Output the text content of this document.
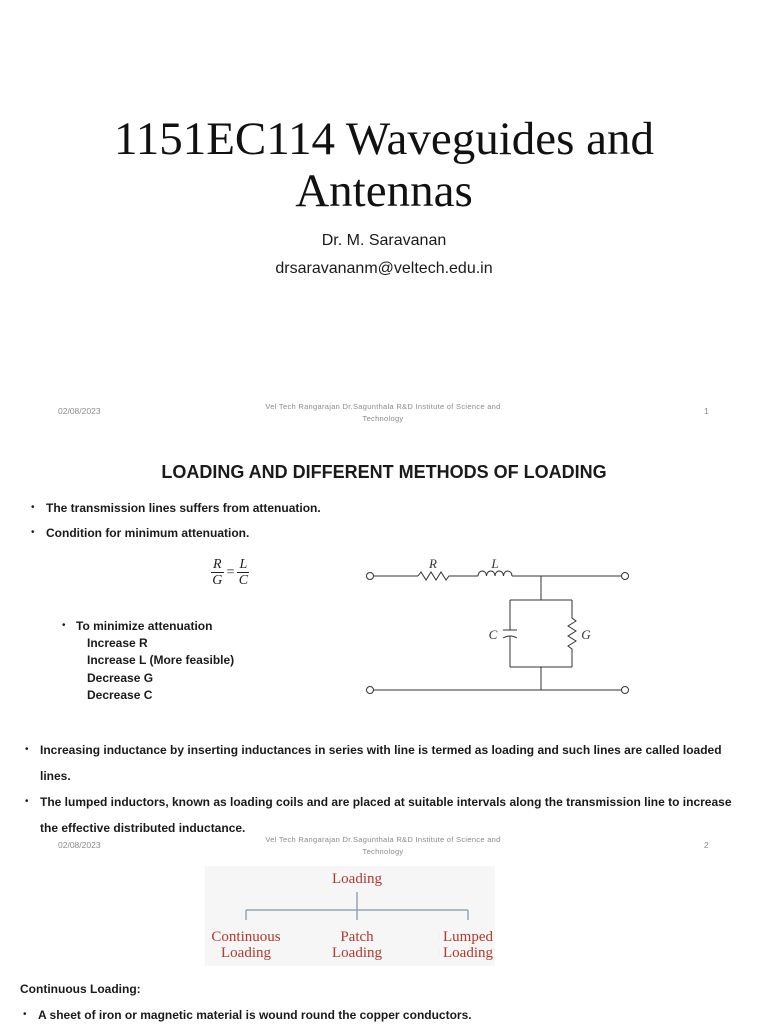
1151EC114 Waveguides and
Antennas
Dr. M. Saravanan
drsaravananm@veltech.edu.in
02/08/2023	Vel Tech Rangarajan Dr.Sagunthala R&D Institute of Science and
Technology
1
LOADING AND DIFFERENT METHODS OF LOADING
• The transmission lines suffers from attenuation.
• Condition for minimum attenuation.
$\frac{R}{G} = \frac{L}{C}$	R	L
C	G
• To minimize attenuation
Increase R
Increase L (More feasible)
Decrease G
Decrease C
• Increasing inductance by inserting inductances in series with line is termed as loading and such lines are called loaded
lines.
• The lumped inductors, known as loading coils and are placed at suitable intervals along the transmission line to increase
the effective distributed inductance.
02/08/2023
Vel Tech Rangarajan Dr.Sagunthala R&D Institute of Science and
Technology
2
Loading
Continuous
Loading
Patch
Loading
Lumped
Loading
Continuous Loading:
• A sheet of iron or magnetic material is wound round the copper conductors.
